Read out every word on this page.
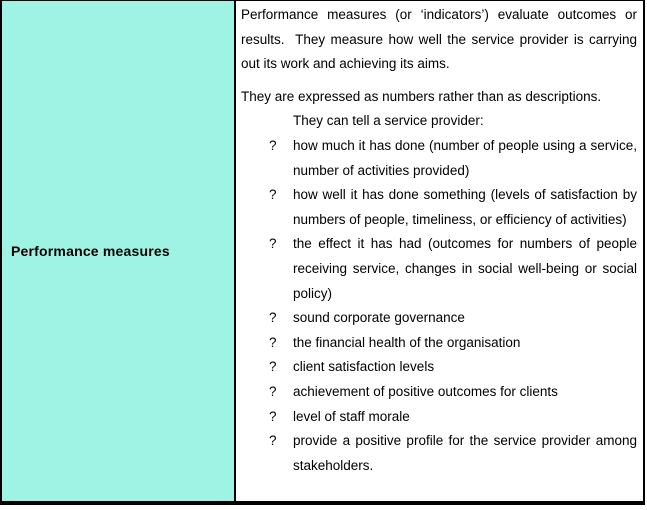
Performance measures

Performance measures (or ‘indicators’) evaluate outcomes or results.  They measure how well the service provider is carrying out its work and achieving its aims.

They are expressed as numbers rather than as descriptions.

They can tell a service provider:

? how much it has done (number of people using a service, number of activities provided)
? how well it has done something (levels of satisfaction by numbers of people, timeliness, or efficiency of activities)
? the effect it has had (outcomes for numbers of people receiving service, changes in social well-being or social policy)
? sound corporate governance
? the financial health of the organisation
? client satisfaction levels
? achievement of positive outcomes for clients
? level of staff morale
? provide a positive profile for the service provider among stakeholders.
